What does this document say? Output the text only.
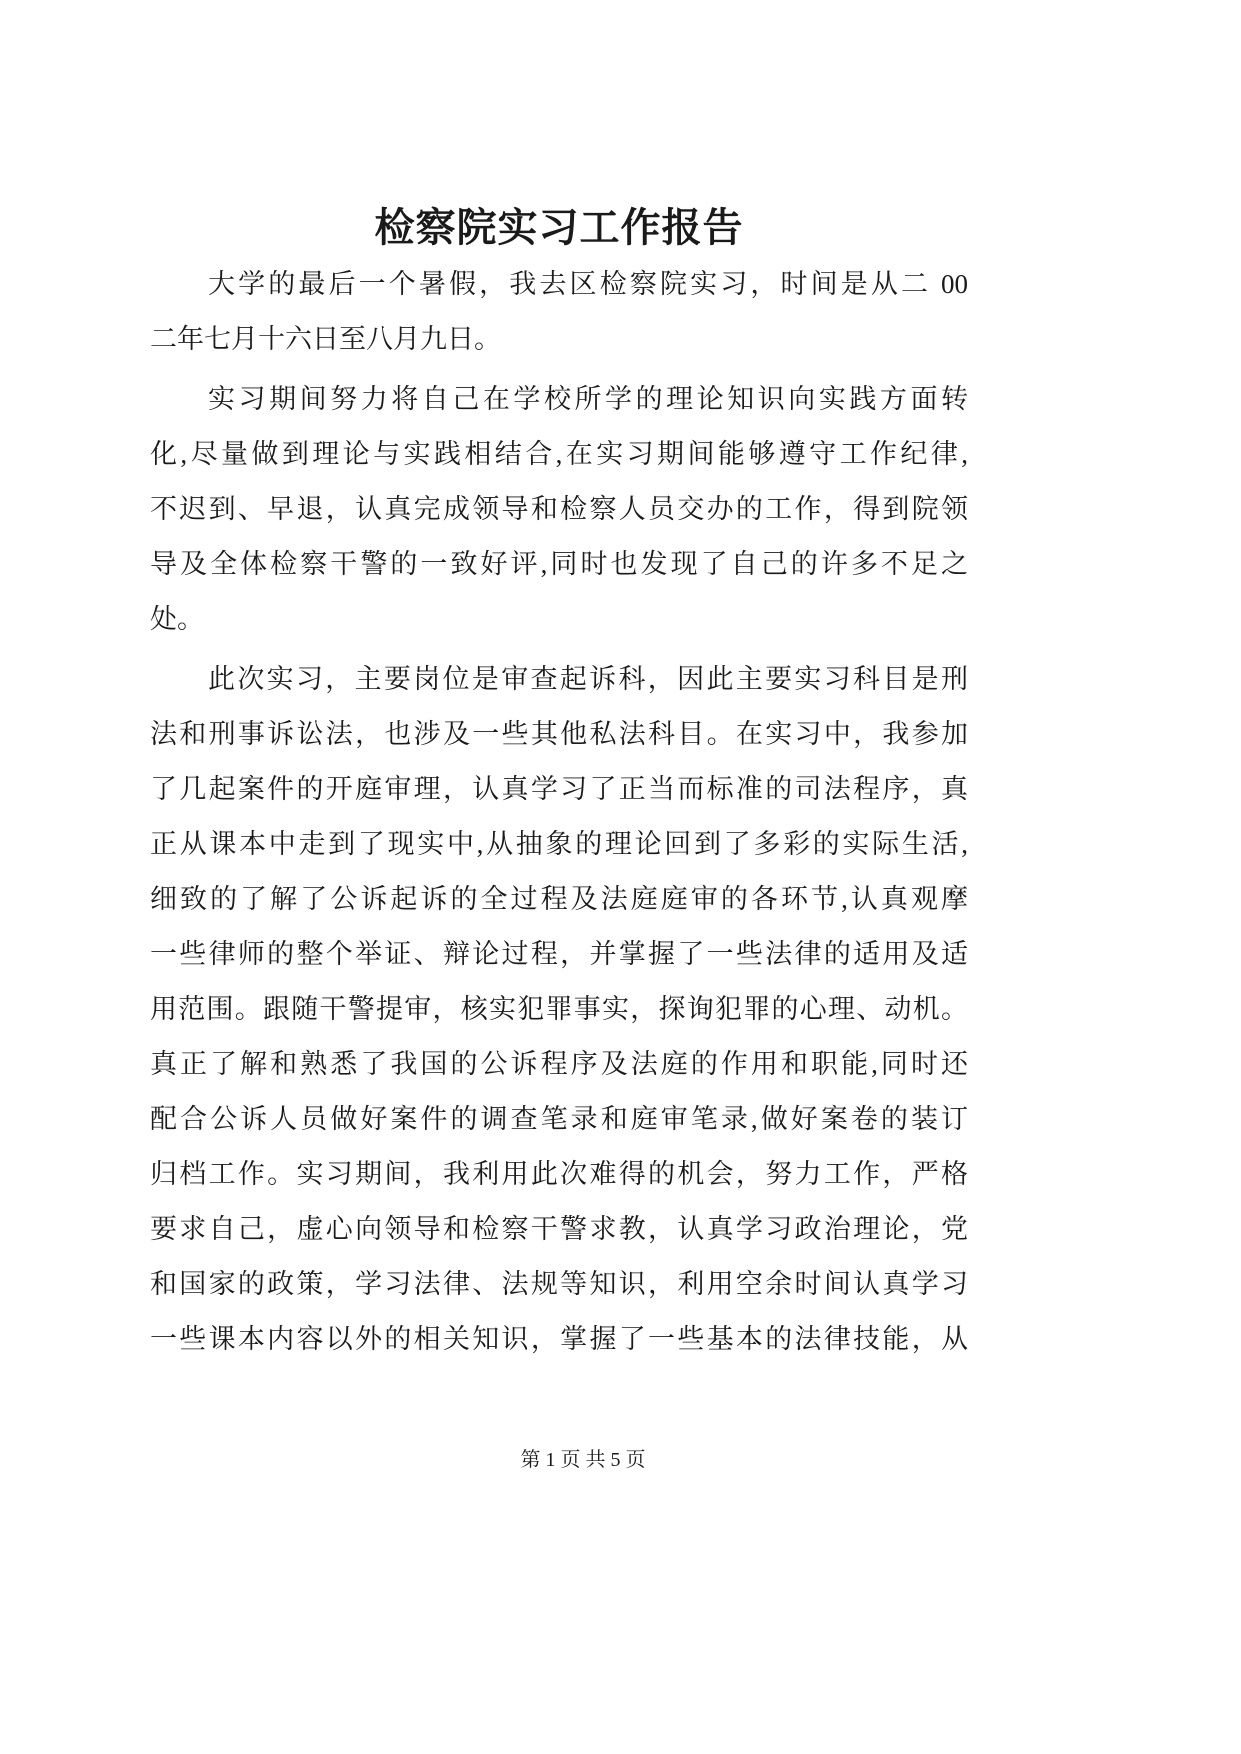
检察院实习工作报告
大学的最后一个暑假，我去区检察院实习，时间是从二 00
二年七月十六日至八月九日。
实习期间努力将自己在学校所学的理论知识向实践方面转
化,尽量做到理论与实践相结合,在实习期间能够遵守工作纪律,
不迟到、早退，认真完成领导和检察人员交办的工作，得到院领
导及全体检察干警的一致好评,同时也发现了自己的许多不足之
处。
此次实习，主要岗位是审查起诉科，因此主要实习科目是刑
法和刑事诉讼法，也涉及一些其他私法科目。在实习中，我参加
了几起案件的开庭审理，认真学习了正当而标准的司法程序，真
正从课本中走到了现实中,从抽象的理论回到了多彩的实际生活,
细致的了解了公诉起诉的全过程及法庭庭审的各环节,认真观摩
一些律师的整个举证、辩论过程，并掌握了一些法律的适用及适
用范围。跟随干警提审，核实犯罪事实，探询犯罪的心理、动机。
真正了解和熟悉了我国的公诉程序及法庭的作用和职能,同时还
配合公诉人员做好案件的调查笔录和庭审笔录,做好案卷的装订
归档工作。实习期间，我利用此次难得的机会，努力工作，严格
要求自己，虚心向领导和检察干警求教，认真学习政治理论，党
和国家的政策，学习法律、法规等知识，利用空余时间认真学习
一些课本内容以外的相关知识，掌握了一些基本的法律技能，从
第 1 页 共 5 页
